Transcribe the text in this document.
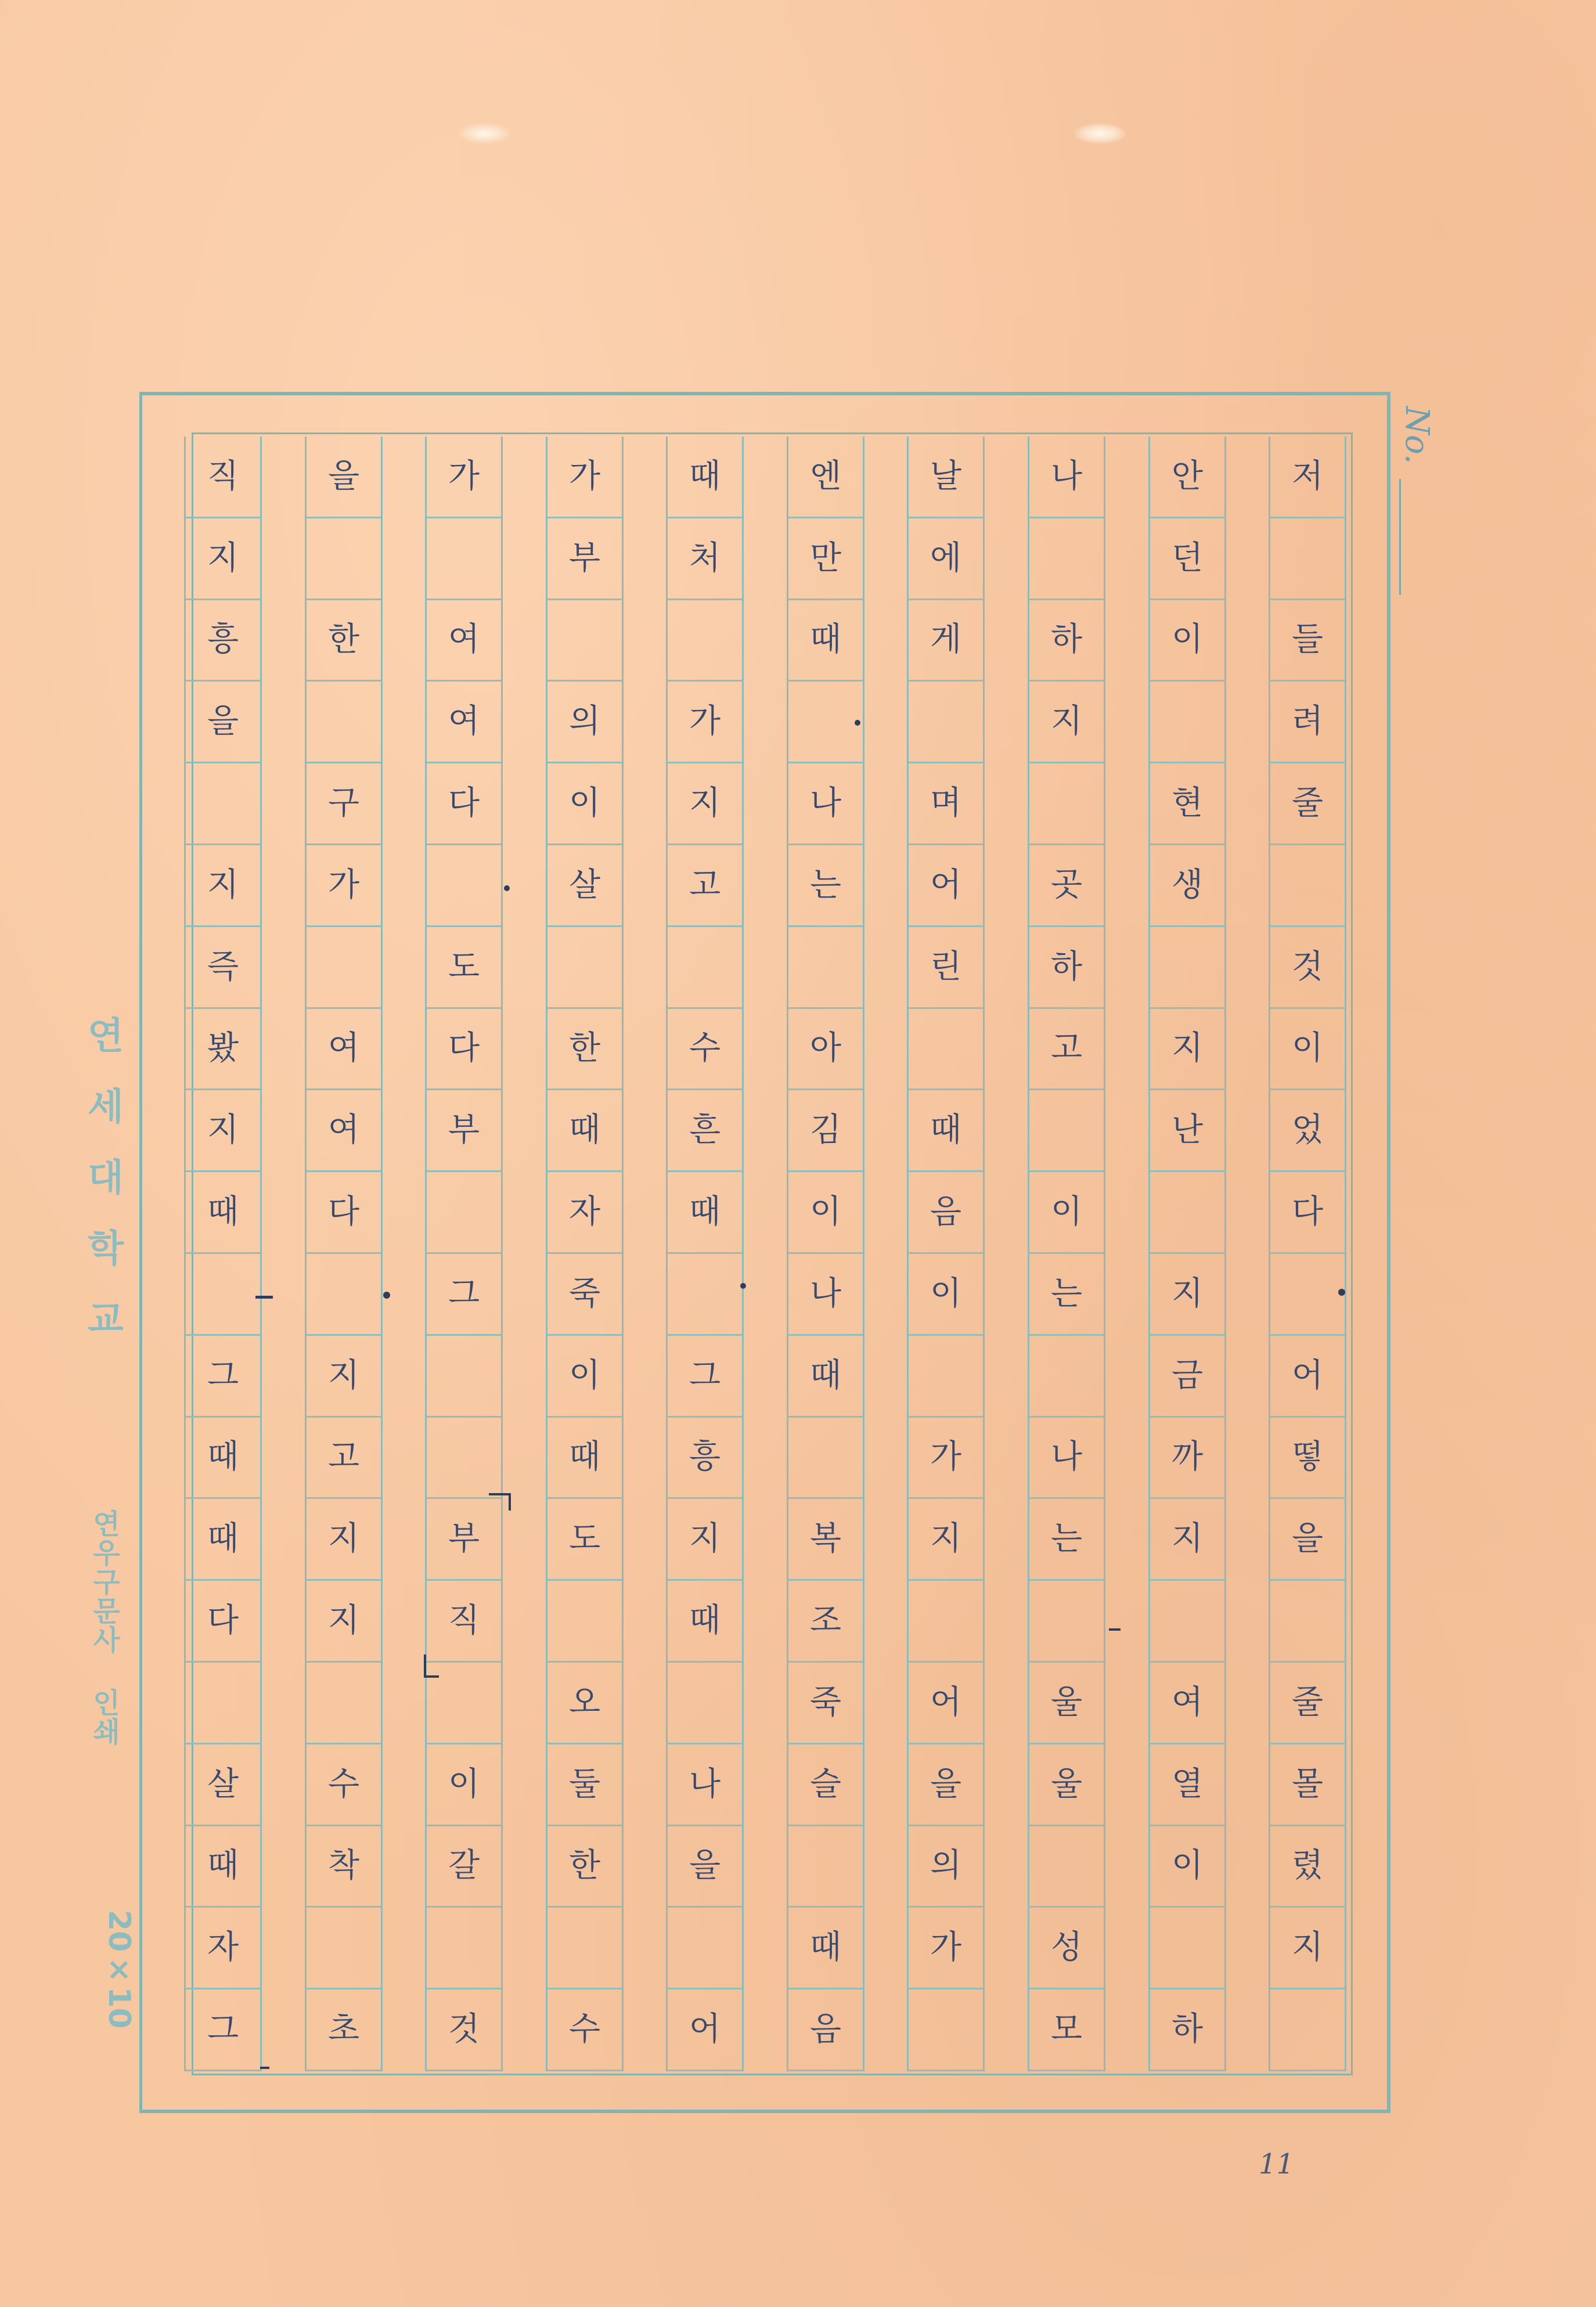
저
들
려
줄
것
이
었
다
어
떻
을
줄
몰
렸
지
안
던
이
현
생
지
난
지
금
까
지
여
열
이
하
나
하
지
곳
하
고
이
는
나
는
울
울
성
모
날
에
게
며
어
린
때
음
이
가
지
어
을
의
가
엔
만
때
나
는
아
김
이
나
때
복
조
죽
슬
때
음
때
처
가
지
고
수
흔
때
그
흥
지
때
나
을
어
가
부
의
이
살
한
때
자
죽
이
때
도
오
둘
한
수
가
여
여
다
도
다
부
그
부
직
이
갈
것
을
한
구
가
여
여
다
지
고
지
지
수
착
초
직
지
흥
을
지
즉
봤
지
때
그
때
때
다
살
때
자
그
No.
연세대학교
연우구문사 인쇄
20×10
11
